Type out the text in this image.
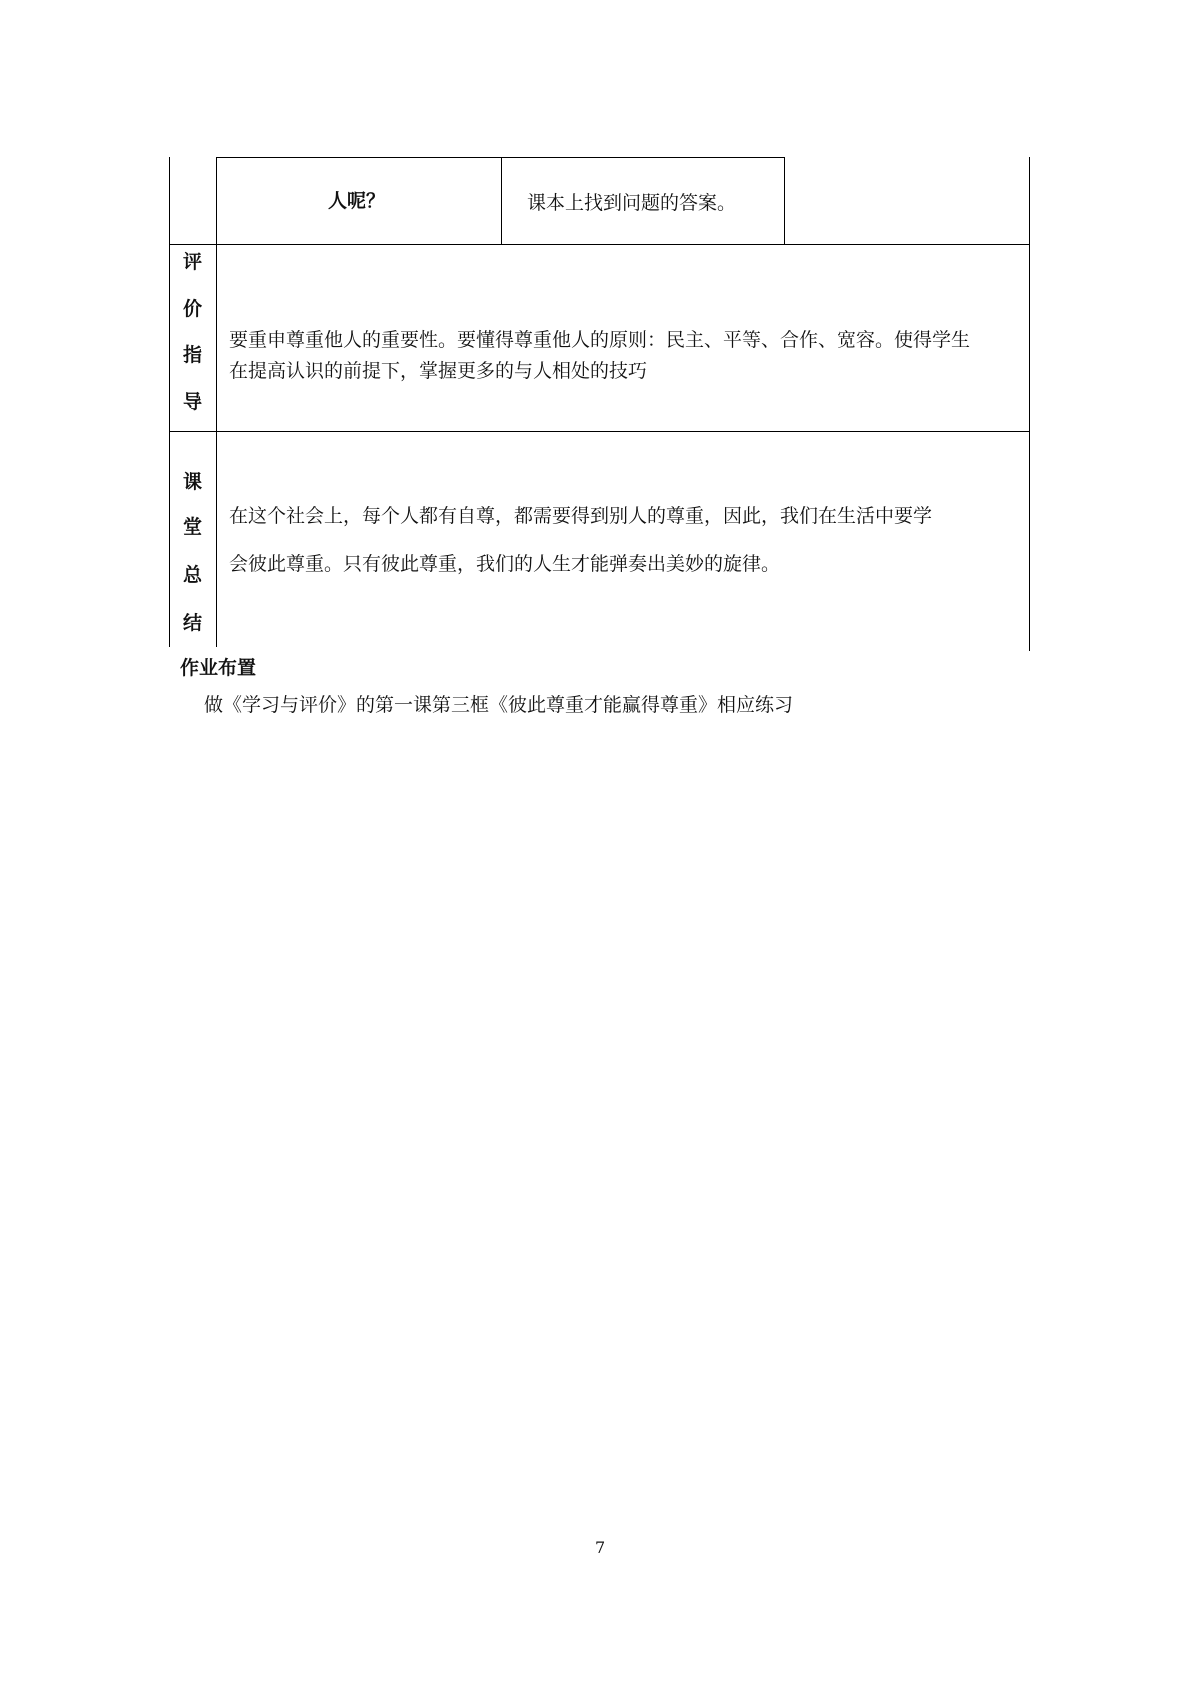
人呢？	课本上找到问题的答案。
评
价
指
导
要重申尊重他人的重要性。要懂得尊重他人的原则：民主、平等、合作、宽容。使得学生
在提高认识的前提下，掌握更多的与人相处的技巧
课
堂
总
结
在这个社会上，每个人都有自尊，都需要得到别人的尊重，因此，我们在生活中要学
会彼此尊重。只有彼此尊重，我们的人生才能弹奏出美妙的旋律。
作业布置
做《学习与评价》的第一课第三框《彼此尊重才能赢得尊重》相应练习
7
